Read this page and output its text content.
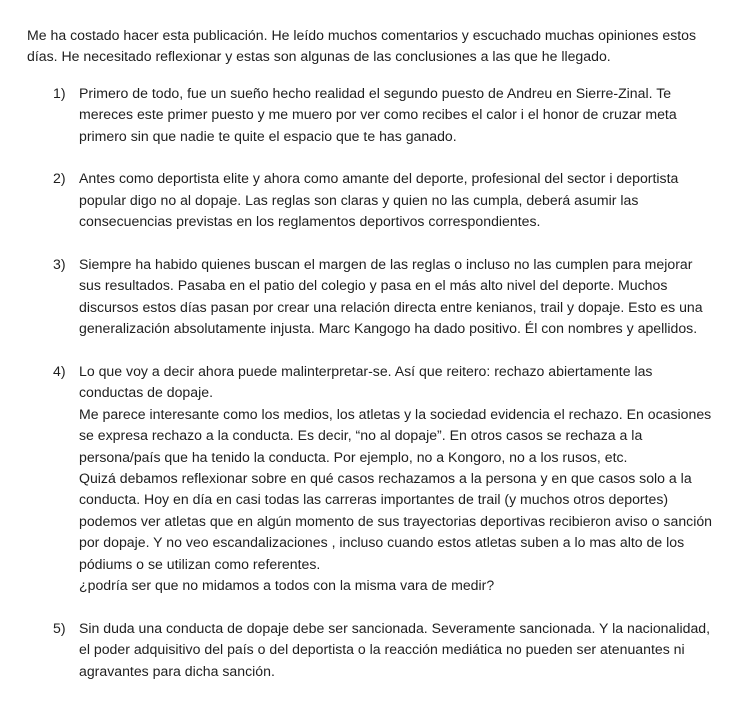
Me ha costado hacer esta publicación. He leído muchos comentarios y escuchado muchas opiniones estos días. He necesitado reflexionar y estas son algunas de las conclusiones a las que he llegado.

1) Primero de todo, fue un sueño hecho realidad el segundo puesto de Andreu en Sierre-Zinal. Te mereces este primer puesto y me muero por ver como recibes el calor i el honor de cruzar meta primero sin que nadie te quite el espacio que te has ganado.
2) Antes como deportista elite y ahora como amante del deporte, profesional del sector i deportista popular digo no al dopaje. Las reglas son claras y quien no las cumpla, deberá asumir las consecuencias previstas en los reglamentos deportivos correspondientes.
3) Siempre ha habido quienes buscan el margen de las reglas o incluso no las cumplen para mejorar sus resultados. Pasaba en el patio del colegio y pasa en el más alto nivel del deporte. Muchos discursos estos días pasan por crear una relación directa entre kenianos, trail y dopaje. Esto es una generalización absolutamente injusta. Marc Kangogo ha dado positivo. Él con nombres y apellidos.
4) Lo que voy a decir ahora puede malinterpretar-se. Así que reitero: rechazo abiertamente las conductas de dopaje.
Me parece interesante como los medios, los atletas y la sociedad evidencia el rechazo. En ocasiones se expresa rechazo a la conducta. Es decir, “no al dopaje”. En otros casos se rechaza a la persona/país que ha tenido la conducta. Por ejemplo, no a Kongoro, no a los rusos, etc.
Quizá debamos reflexionar sobre en qué casos rechazamos a la persona y en que casos solo a la conducta. Hoy en día en casi todas las carreras importantes de trail (y muchos otros deportes) podemos ver atletas que en algún momento de sus trayectorias deportivas recibieron aviso o sanción por dopaje. Y no veo escandalizaciones , incluso cuando estos atletas suben a lo mas alto de los pódiums o se utilizan como referentes.
¿podría ser que no midamos a todos con la misma vara de medir?
5) Sin duda una conducta de dopaje debe ser sancionada. Severamente sancionada. Y la nacionalidad, el poder adquisitivo del país o del deportista o la reacción mediática no pueden ser atenuantes ni agravantes para dicha sanción.
